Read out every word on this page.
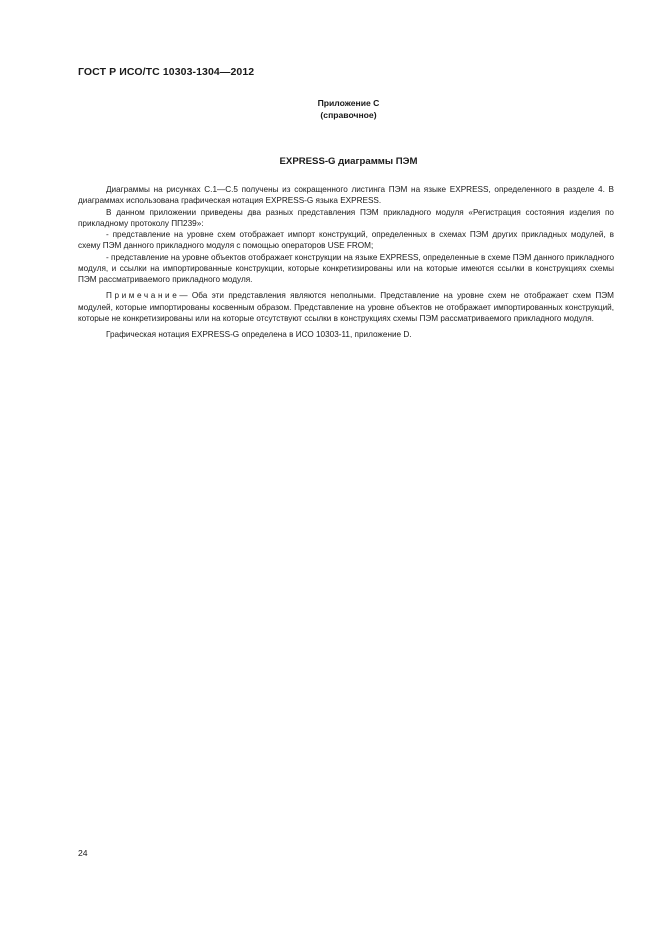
ГОСТ Р ИСО/ТС 10303-1304—2012
Приложение C
(справочное)
EXPRESS-G диаграммы ПЭМ

Диаграммы на рисунках C.1—C.5 получены из сокращенного листинга ПЭМ на языке EXPRESS, определенного в разделе 4. В диаграммах использована графическая нотация EXPRESS-G языка EXPRESS.

В данном приложении приведены два разных представления ПЭМ прикладного модуля «Регистрация состояния изделия по прикладному протоколу ПП239»:

- представление на уровне схем отображает импорт конструкций, определенных в схемах ПЭМ других прикладных модулей, в схему ПЭМ данного прикладного модуля с помощью операторов USE FROM;

- представление на уровне объектов отображает конструкции на языке EXPRESS, определенные в схеме ПЭМ данного прикладного модуля, и ссылки на импортированные конструкции, которые конкретизированы или на которые имеются ссылки в конструкциях схемы ПЭМ рассматриваемого прикладного модуля.

Примечание— Оба эти представления являются неполными. Представление на уровне схем не отображает схем ПЭМ модулей, которые импортированы косвенным образом. Представление на уровне объектов не отображает импортированных конструкций, которые не конкретизированы или на которые отсутствуют ссылки в конструкциях схемы ПЭМ рассматриваемого прикладного модуля.

Графическая нотация EXPRESS-G определена в ИСО 10303-11, приложение D.

24
